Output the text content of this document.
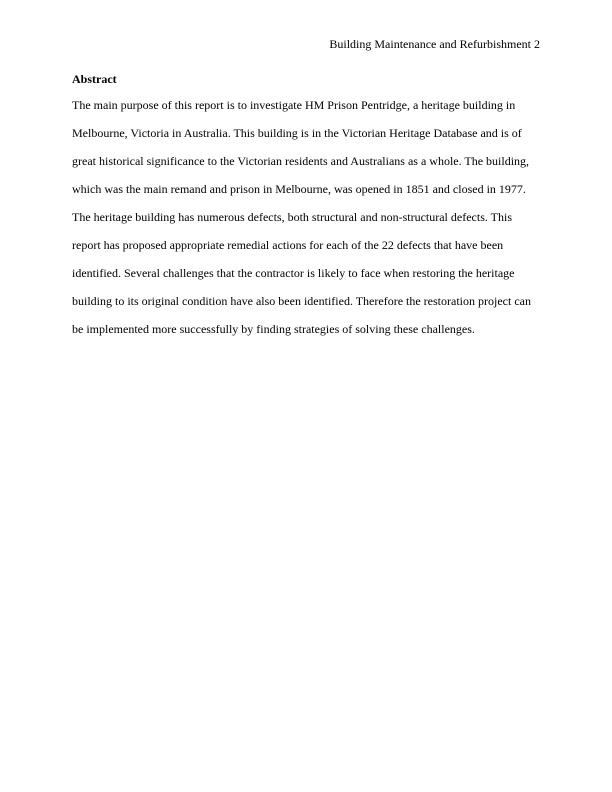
Building Maintenance and Refurbishment 2
Abstract
The main purpose of this report is to investigate HM Prison Pentridge, a heritage building in
Melbourne, Victoria in Australia. This building is in the Victorian Heritage Database and is of
great historical significance to the Victorian residents and Australians as a whole. The building,
which was the main remand and prison in Melbourne, was opened in 1851 and closed in 1977.
The heritage building has numerous defects, both structural and non-structural defects. This
report has proposed appropriate remedial actions for each of the 22 defects that have been
identified. Several challenges that the contractor is likely to face when restoring the heritage
building to its original condition have also been identified. Therefore the restoration project can
be implemented more successfully by finding strategies of solving these challenges.
